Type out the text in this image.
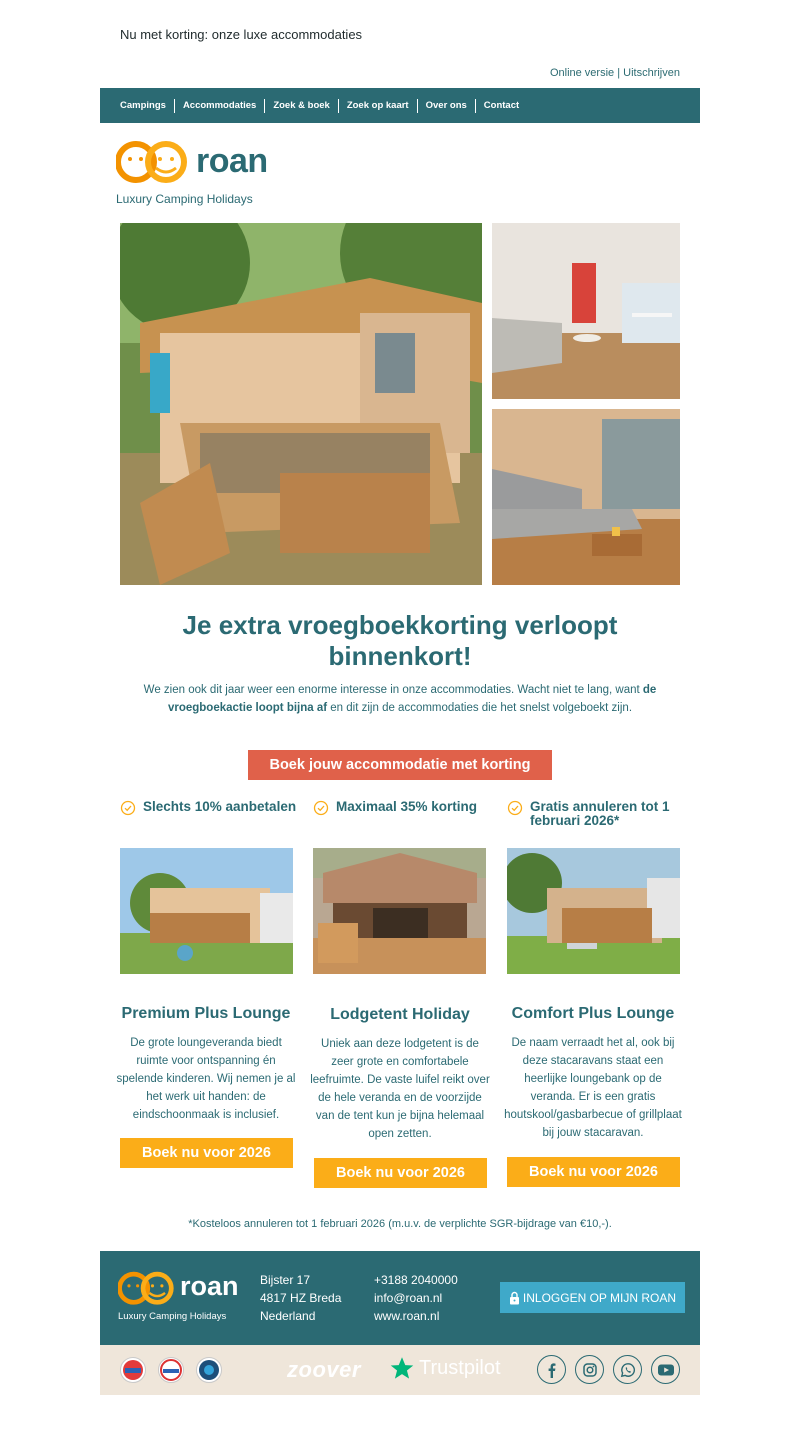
Nu met korting: onze luxe accommodaties
Online versie | Uitschrijven
Campings	Accommodaties	Zoek & boek	Zoek op kaart	Over ons	Contact
roan
Luxury Camping Holidays
Je extra vroegboekkorting verloopt binnenkort!

We zien ook dit jaar weer een enorme interesse in onze accommodaties. Wacht niet te lang, want de vroegboekactie loopt bijna af en dit zijn de accommodaties die het snelst volgeboekt zijn.

Boek jouw accommodatie met korting
Slechts 10% aanbetalen	Maximaal 35% korting	Gratis annuleren tot 1 februari 2026*
Premium Plus Lounge
De grote loungeveranda biedt ruimte voor ontspanning én spelende kinderen. Wij nemen je al het werk uit handen: de eindschoonmaak is inclusief.
Boek nu voor 2026
Lodgetent Holiday
Uniek aan deze lodgetent is de zeer grote en comfortabele leefruimte. De vaste luifel reikt over de hele veranda en de voorzijde van de tent kun je bijna helemaal open zetten.
Boek nu voor 2026
Comfort Plus Lounge
De naam verraadt het al, ook bij deze stacaravans staat een heerlijke loungebank op de veranda. Er is een gratis houtskool/gasbarbecue of grillplaat bij jouw stacaravan.
Boek nu voor 2026
*Kosteloos annuleren tot 1 februari 2026 (m.u.v. de verplichte SGR-bijdrage van €10,-).
roan
Luxury Camping Holidays
Bijster 17
4817 HZ Breda
Nederland
+3188 2040000
info@roan.nl
www.roan.nl
INLOGGEN OP MIJN ROAN
zoover	Trustpilot
